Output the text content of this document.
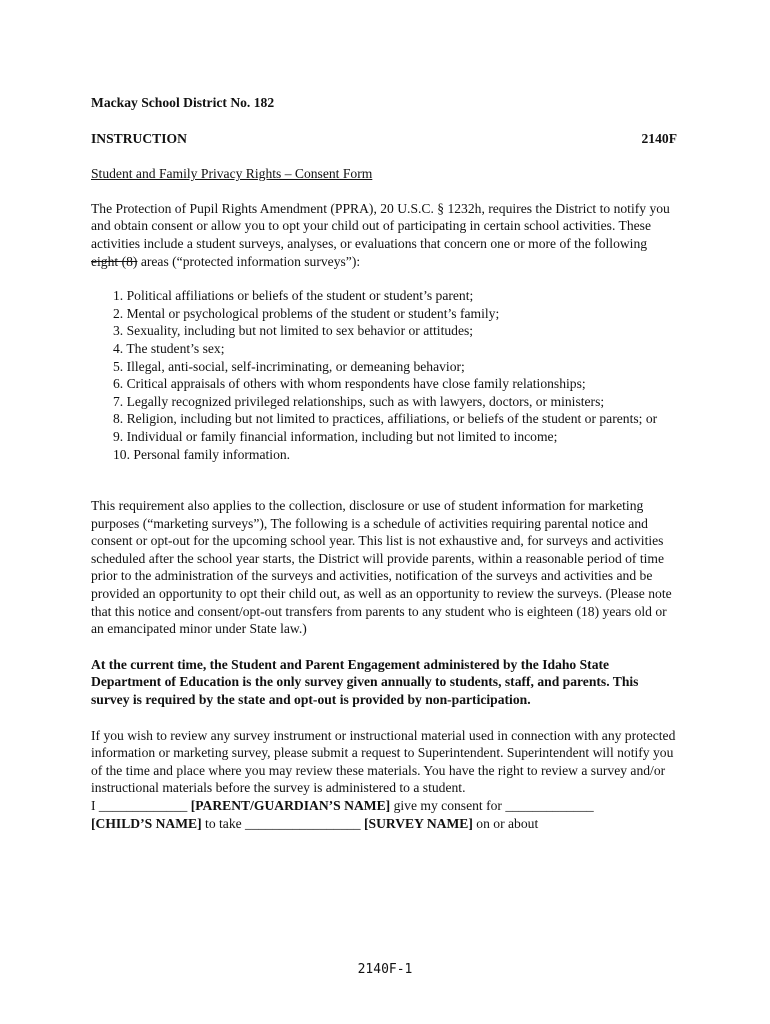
Mackay School District No. 182

INSTRUCTION	2140F
Student and Family Privacy Rights – Consent Form

The Protection of Pupil Rights Amendment (PPRA), 20 U.S.C. § 1232h, requires the District to notify you and obtain consent or allow you to opt your child out of participating in certain school activities. These activities include a student surveys, analyses, or evaluations that concern one or more of the following eight (8) areas (“protected information surveys”):

1. Political affiliations or beliefs of the student or student’s parent;
2. Mental or psychological problems of the student or student’s family;
3. Sexuality, including but not limited to sex behavior or attitudes;
4. The student’s sex;
5. Illegal, anti-social, self-incriminating, or demeaning behavior;
6. Critical appraisals of others with whom respondents have close family relationships;
7. Legally recognized privileged relationships, such as with lawyers, doctors, or ministers;
8. Religion, including but not limited to practices, affiliations, or beliefs of the student or parents; or
9. Individual or family financial information, including but not limited to income;
10. Personal family information.

This requirement also applies to the collection, disclosure or use of student information for marketing purposes (“marketing surveys”), The following is a schedule of activities requiring parental notice and consent or opt-out for the upcoming school year. This list is not exhaustive and, for surveys and activities scheduled after the school year starts, the District will provide parents, within a reasonable period of time prior to the administration of the surveys and activities, notification of the surveys and activities and be provided an opportunity to opt their child out, as well as an opportunity to review the surveys. (Please note that this notice and consent/opt-out transfers from parents to any student who is eighteen (18) years old or an emancipated minor under State law.)

At the current time, the Student and Parent Engagement administered by the Idaho State Department of Education is the only survey given annually to students, staff, and parents. This survey is required by the state and opt-out is provided by non-participation.

If you wish to review any survey instrument or instructional material used in connection with any protected information or marketing survey, please submit a request to Superintendent. Superintendent will notify you of the time and place where you may review these materials. You have the right to review a survey and/or instructional materials before the survey is administered to a student.

I _____________ [PARENT/GUARDIAN’S NAME] give my consent for _____________

[CHILD’S NAME] to take _________________ [SURVEY NAME] on or about

2140F-1
